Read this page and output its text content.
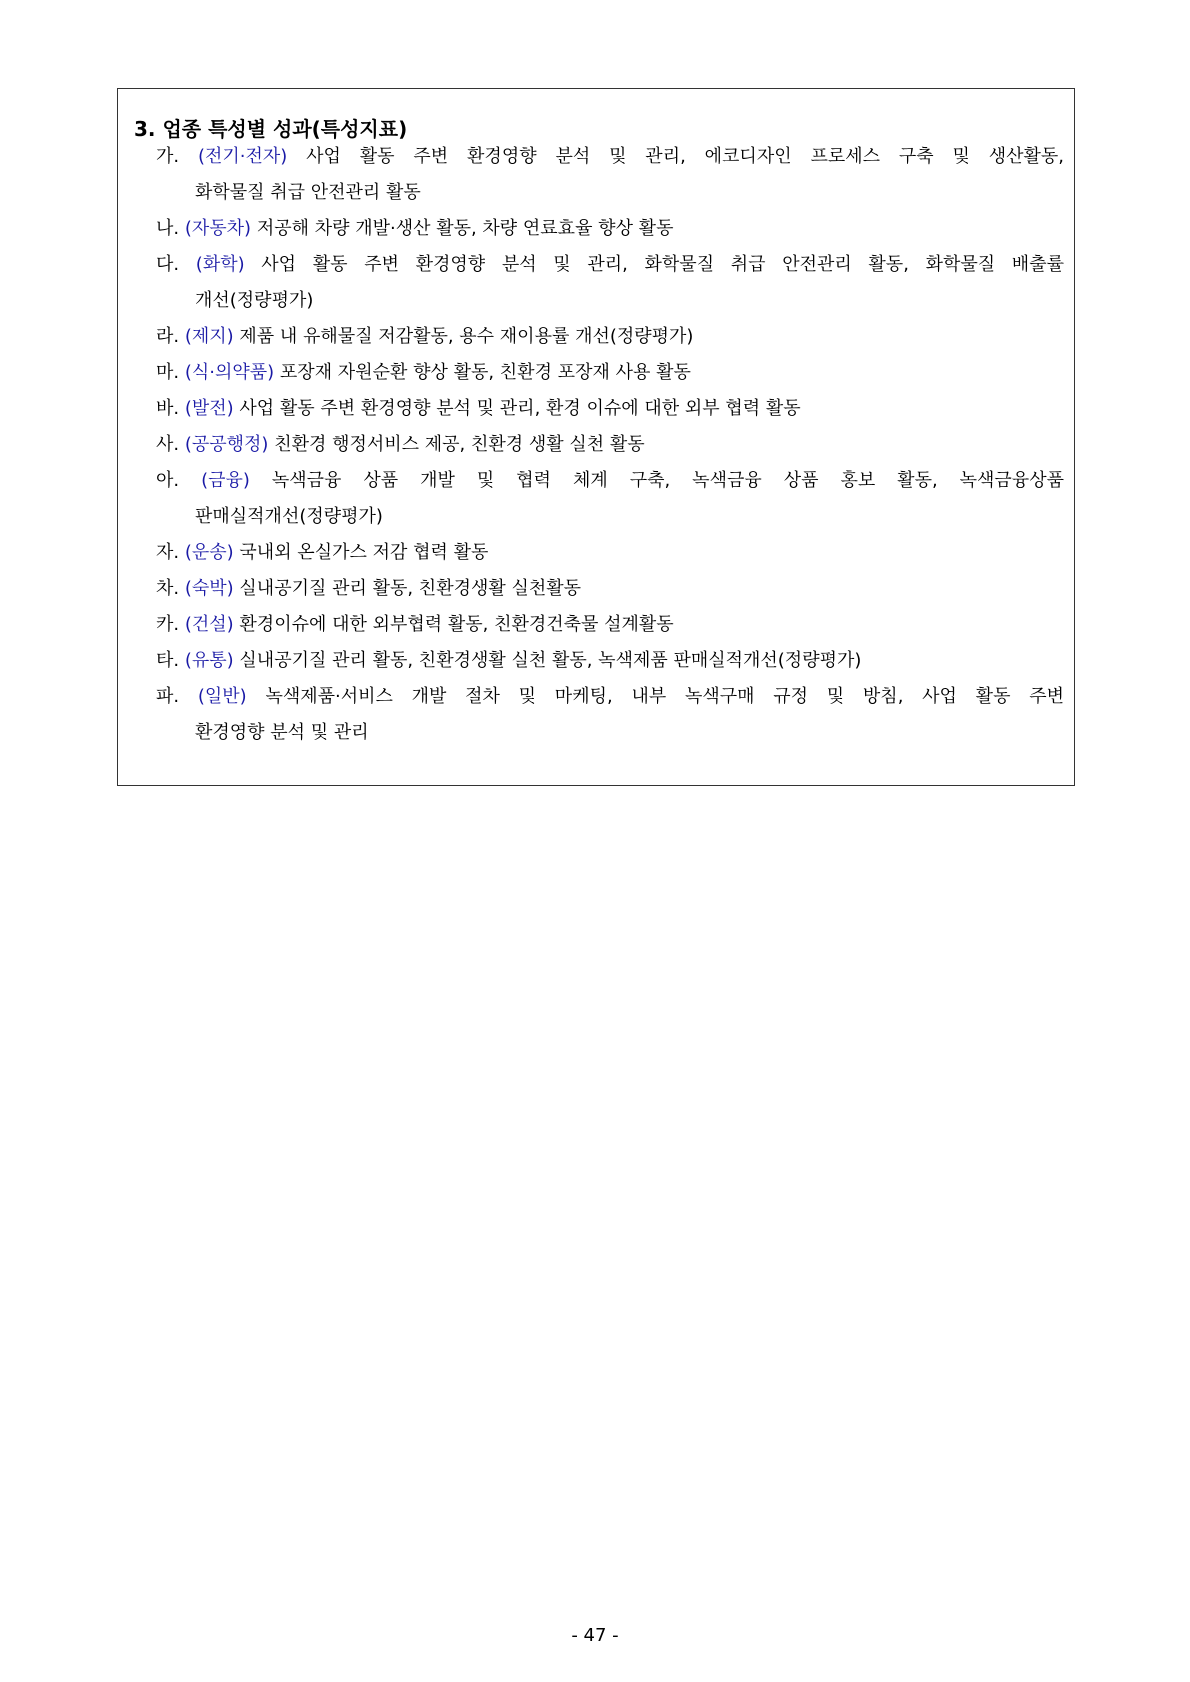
3. 업종 특성별 성과(특성지표)
가. (전기·전자) 사업 활동 주변 환경영향 분석 및 관리, 에코디자인 프로세스 구축 및 생산활동,
화학물질 취급 안전관리 활동
나. (자동차) 저공해 차량 개발·생산 활동, 차량 연료효율 향상 활동
다. (화학) 사업 활동 주변 환경영향 분석 및 관리, 화학물질 취급 안전관리 활동, 화학물질 배출률
개선(정량평가)
라. (제지) 제품 내 유해물질 저감활동, 용수 재이용률 개선(정량평가)
마. (식·의약품) 포장재 자원순환 향상 활동, 친환경 포장재 사용 활동
바. (발전) 사업 활동 주변 환경영향 분석 및 관리, 환경 이슈에 대한 외부 협력 활동
사. (공공행정) 친환경 행정서비스 제공, 친환경 생활 실천 활동
아. (금융) 녹색금융 상품 개발 및 협력 체계 구축, 녹색금융 상품 홍보 활동, 녹색금융상품
판매실적개선(정량평가)
자. (운송) 국내외 온실가스 저감 협력 활동
차. (숙박) 실내공기질 관리 활동, 친환경생활 실천활동
카. (건설) 환경이슈에 대한 외부협력 활동, 친환경건축물 설계활동
타. (유통) 실내공기질 관리 활동, 친환경생활 실천 활동, 녹색제품 판매실적개선(정량평가)
파. (일반) 녹색제품·서비스 개발 절차 및 마케팅, 내부 녹색구매 규정 및 방침, 사업 활동 주변
환경영향 분석 및 관리
- 47 -
